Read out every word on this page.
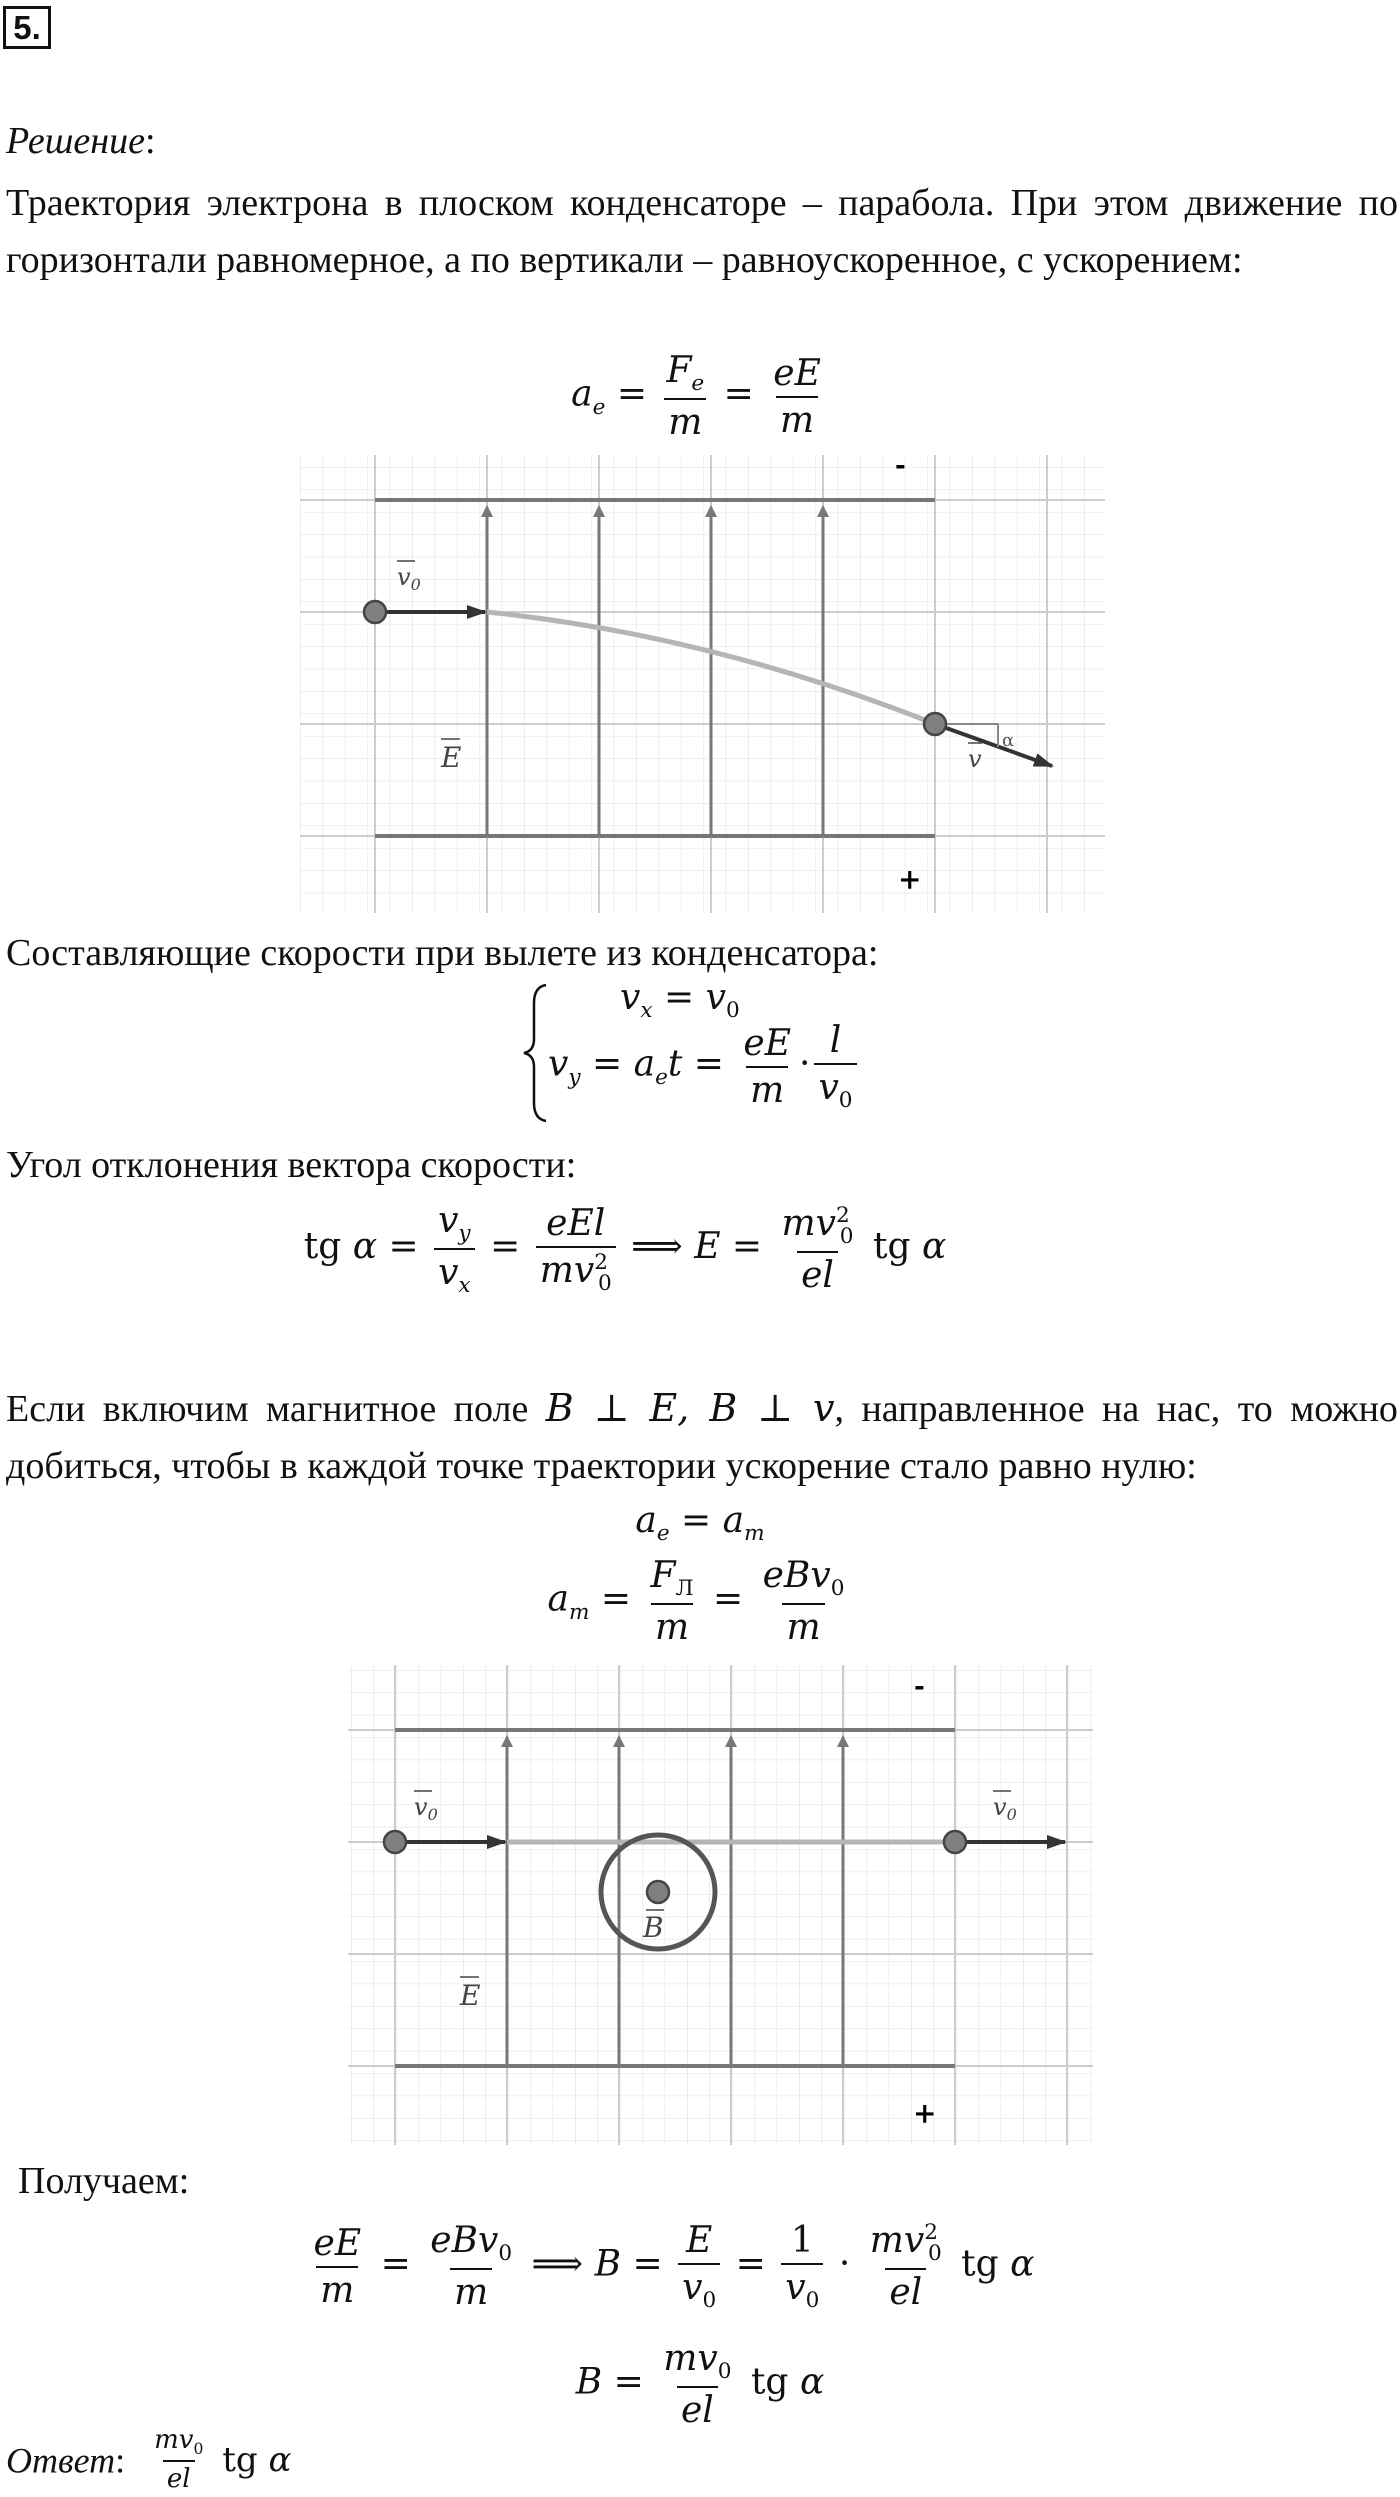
5.
Решение:
Траектория электрона в плоском конденсаторе – парабола. При этом движение по горизонтали равномерное, а по вертикали – равноускоренное, с ускорением:
$a_e = \frac{F_e}{m} = \frac{eE}{m}$
-
+
$v_0$
v
α
E
Составляющие скорости при вылете из конденсатора:
$v_x = v_0$
$v_y = a_et = \frac{eE}{m} \cdot \frac{l}{v_0}$
Угол отклонения вектора скорости:
tg $\alpha = \frac{v_y}{v_x} = \frac{\text{eEl}}{mv^2_0}$ ⟹ $E = \frac{mv^2_0}{el}$ tg α
Если включим магнитное поле B ⊥ E, B ⊥ v, направленное на нас, то можно добиться, чтобы в каждой точке траектории ускорение стало равно нулю:
$a_e = a_m$
$a_m = \frac{F_Л}{m} = \frac{eBv_0}{m}$
-
+
$v_0$	$v_0$
B
E
Получаем:
$\frac{eE}{m} = \frac{eBv_0}{m}$ ⟹ $B = \frac{E}{v_0} = \frac{1}{v_0} \cdot \frac{mv^2_0}{el}$ tg α
$B = \frac{mv_0}{el}$ tg α
Ответ: $\frac{mv_0}{el}$ tg α
